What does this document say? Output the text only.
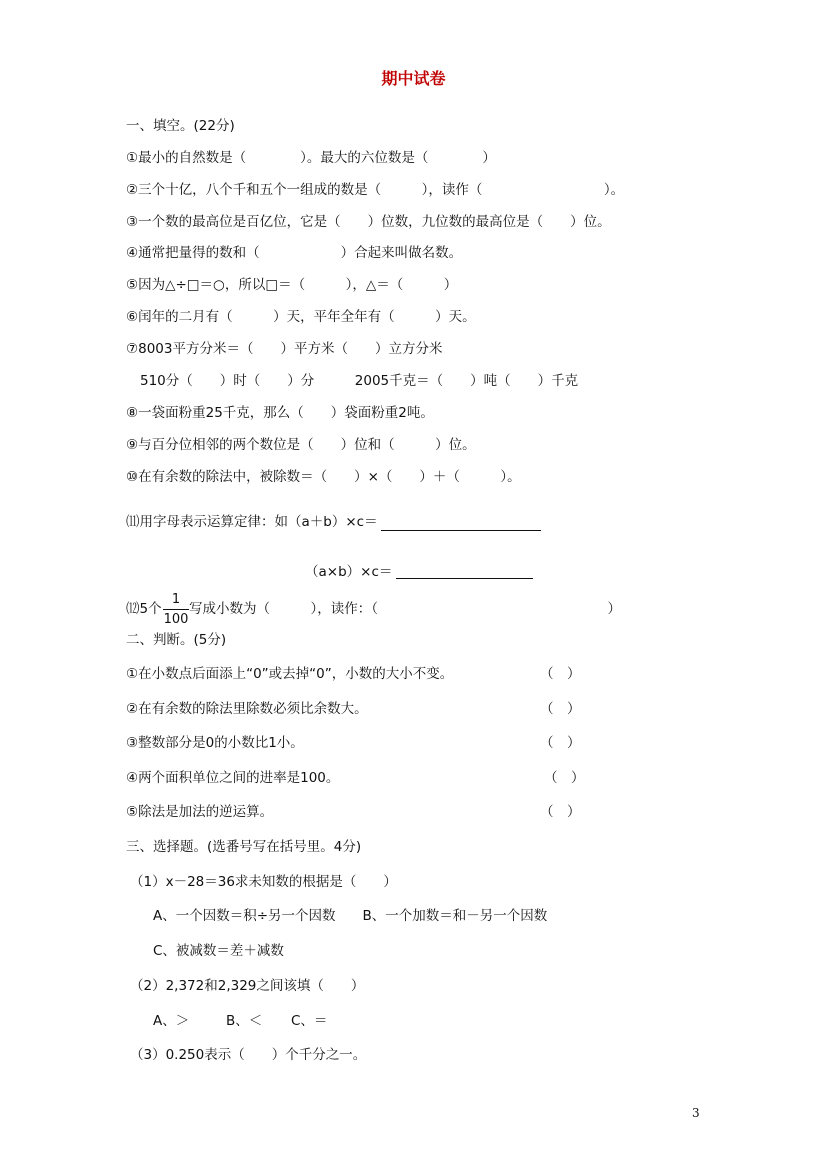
期中试卷
一、填空。(22分)
①最小的自然数是（　　　　）。最大的六位数是（　　　　）
②三个十亿，八个千和五个一组成的数是（　　　），读作（　　　　　　　　　）。
③一个数的最高位是百亿位，它是（　　）位数，九位数的最高位是（　　）位。
④通常把量得的数和（　　　　　　）合起来叫做名数。
⑤因为△÷□＝○，所以□＝（　　　），△＝（　　　）
⑥闰年的二月有（　　　）天，平年全年有（　　　）天。
⑦8003平方分米＝（　　）平方米（　　）立方分米
510分（　　）时（　　）分　　　2005千克＝（　　）吨（　　）千克
⑧一袋面粉重25千克，那么（　　）袋面粉重2吨。
⑨与百分位相邻的两个数位是（　　）位和（　　　）位。
⑩在有余数的除法中，被除数＝（　　）×（　　）＋（　　　）。
⑾用字母表示运算定律：如（a＋b）×c＝
（a×b）×c＝
⑿5个
1
100
写成小数为（　　　），读作：（　　　　　　　　　　　　　　　　　）
二、判断。(5分)
①在小数点后面添上“0”或去掉“0”，小数的大小不变。	（　）
②在有余数的除法里除数必须比余数大。	（　）
③整数部分是0的小数比1小。	（　）
④两个面积单位之间的进率是100。	（　）
⑤除法是加法的逆运算。	（　）
三、选择题。(选番号写在括号里。4分)
（1）x－28＝36求未知数的根据是（　　）
A、一个因数＝积÷另一个因数　　B、一个加数＝和－另一个因数
C、被减数＝差＋减数
（2）2,372和2,329之间该填（　　）
A、＞	B、＜ C、＝
（3）0.250表示（　　）个千分之一。
3
